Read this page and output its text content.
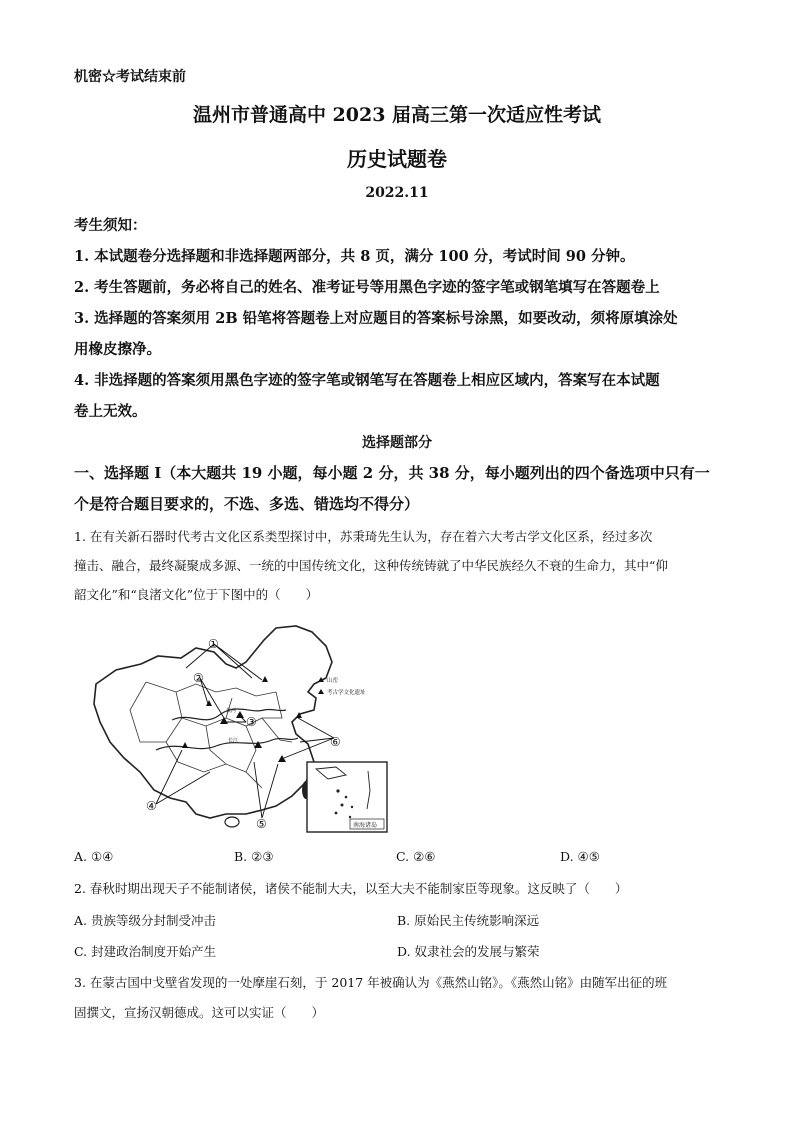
机密☆考试结束前
温州市普通高中 2023 届高三第一次适应性考试
历史试题卷
2022.11
考生须知：
1. 本试题卷分选择题和非选择题两部分，共 8 页，满分 100 分，考试时间 90 分钟。
2. 考生答题前，务必将自己的姓名、准考证号等用黑色字迹的签字笔或钢笔填写在答题卷上
3. 选择题的答案须用 2B 铅笔将答题卷上对应题目的答案标号涂黑，如要改动，须将原填涂处
用橡皮擦净。
4. 非选择题的答案须用黑色字迹的签字笔或钢笔写在答题卷上相应区域内，答案写在本试题
卷上无效。
选择题部分
一、选择题 I（本大题共 19 小题，每小题 2 分，共 38 分，每小题列出的四个备选项中只有一
个是符合题目要求的，不选、多选、错选均不得分）
1. 在有关新石器时代考古文化区系类型探讨中，苏秉琦先生认为，存在着六大考古学文化区系，经过多次
撞击、融合，最终凝聚成多源、一统的中国传统文化，这种传统铸就了中华民族经久不衰的生命力，其中“仰
韶文化”和“良渚文化”位于下图中的（　　）
①
②
③
④
⑤
⑥
山峦
考古学文化遗址
黄河
长江
南海诸岛
A. ①④	B. ②③	C. ②⑥	D. ④⑤
2. 春秋时期出现天子不能制诸侯，诸侯不能制大夫，以至大夫不能制家臣等现象。这反映了（　　）
A. 贵族等级分封制受冲击	B. 原始民主传统影响深远
C. 封建政治制度开始产生	D. 奴隶社会的发展与繁荣
3. 在蒙古国中戈壁省发现的一处摩崖石刻，于 2017 年被确认为《燕然山铭》。《燕然山铭》由随军出征的班
固撰文，宣扬汉朝德成。这可以实证（　　）
